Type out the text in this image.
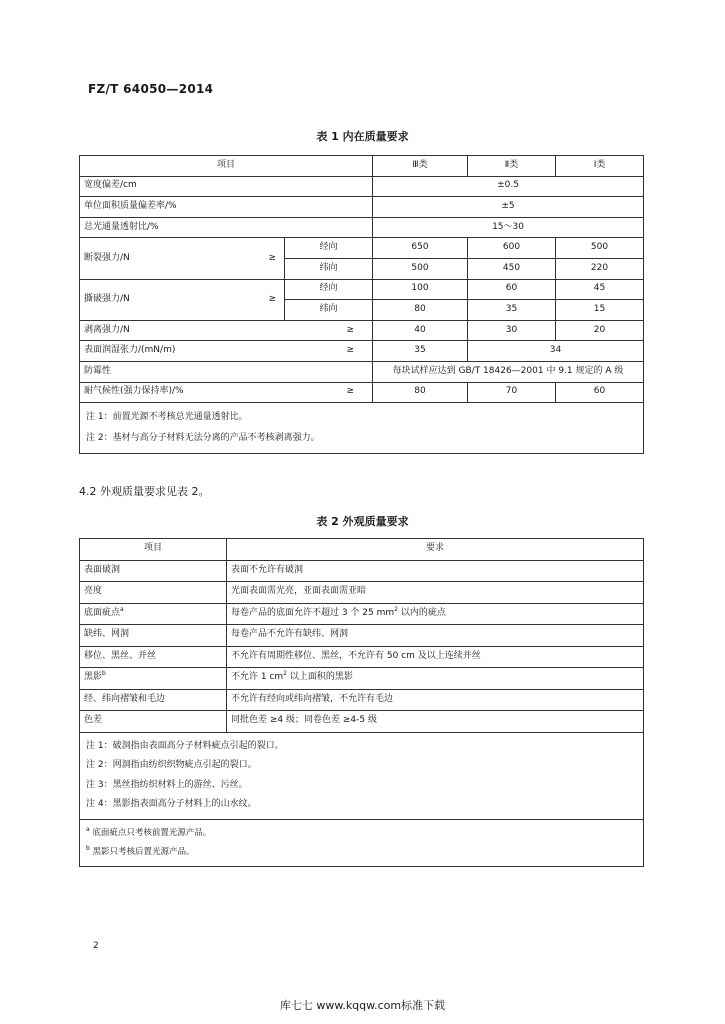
FZ/T 64050—2014
表 1 内在质量要求
项目		Ⅲ类	Ⅱ类	Ⅰ类
宽度偏差/cm		±0.5		
单位面积质量偏差率/%		±5		
总光通量透射比/%		15～30		
断裂强力/N ≥	经向	650	600	500
	纬向	500	450	220
撕破强力/N ≥	经向	100	60	45
	纬向	80	35	15
剥离强力/N	≥	40	30	20
表面润湿张力/(mN/m)	≥	35	34	
防霉性		每块试样应达到 GB/T 18426—2001 中 9.1 规定的 A 级		
耐气候性(强力保持率)/%	≥	80	70	60

注 1：前置光源不考核总光通量透射比。
注 2：基材与高分子材料无法分离的产品不考核剥离强力。				
4.2 外观质量要求见表 2。
表 2 外观质量要求
项目	要求
表面破洞	表面不允许有破洞
亮度	光面表面需光亮，亚面表面需亚暗
底面疵点$^a$	每卷产品的底面允许不超过 3 个 25 $mm^2$ 以内的疵点
缺纬、网洞	每卷产品不允许有缺纬、网洞
移位、黑丝、并丝	不允许有周期性移位、黑丝，不允许有 50 cm 及以上连续并丝
黑影$^b$	不允许 1 $cm^2$ 以上面积的黑影
经、纬向褶皱和毛边	不允许有经向或纬向褶皱，不允许有毛边
色差	同批色差 ≥4 级；同卷色差 ≥4-5 级

注 1：破洞指由表面高分子材料疵点引起的裂口。
注 2：网洞指由纺织织物疵点引起的裂口。
注 3：黑丝指纺织材料上的游丝、污丝。
注 4：黑影指表面高分子材料上的山水纹。	

$^a$ 底面疵点只考核前置光源产品。
$^b$ 黑影只考核后置光源产品。	
2
库七七 www.kqqw.com标准下载
